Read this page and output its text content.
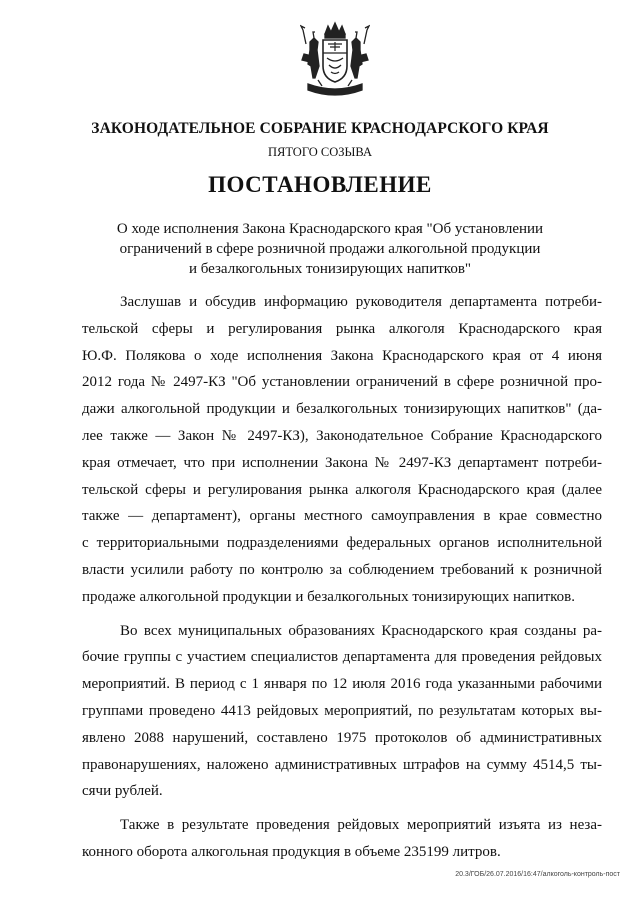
ЗАКОНОДАТЕЛЬНОЕ СОБРАНИЕ КРАСНОДАРСКОГО КРАЯ
ПЯТОГО СОЗЫВА
ПОСТАНОВЛЕНИЕ
О ходе исполнения Закона Краснодарского края "Об установлении
ограничений в сфере розничной продажи алкогольной продукции
и безалкогольных тонизирующих напитков"
Заслушав и обсудив информацию руководителя департамента потреби-
тельской сферы и регулирования рынка алкоголя Краснодарского края
Ю.Ф. Полякова о ходе исполнения Закона Краснодарского края от 4 июня
2012 года № 2497-КЗ "Об установлении ограничений в сфере розничной про-
дажи алкогольной продукции и безалкогольных тонизирующих напитков" (да-
лее также — Закон № 2497-КЗ), Законодательное Собрание Краснодарского
края отмечает, что при исполнении Закона № 2497-КЗ департамент потреби-
тельской сферы и регулирования рынка алкоголя Краснодарского края (далее
также — департамент), органы местного самоуправления в крае совместно
с территориальными подразделениями федеральных органов исполнительной
власти усилили работу по контролю за соблюдением требований к розничной
продаже алкогольной продукции и безалкогольных тонизирующих напитков.
Во всех муниципальных образованиях Краснодарского края созданы ра-
бочие группы с участием специалистов департамента для проведения рейдовых
мероприятий. В период с 1 января по 12 июля 2016 года указанными рабочими
группами проведено 4413 рейдовых мероприятий, по результатам которых вы-
явлено 2088 нарушений, составлено 1975 протоколов об административных
правонарушениях, наложено административных штрафов на сумму 4514,5 ты-
сячи рублей.
Также в результате проведения рейдовых мероприятий изъята из неза-
конного оборота алкогольная продукция в объеме 235199 литров.
20.3/ГОБ/26.07.2016/16:47/алкоголь-контроль-пост
